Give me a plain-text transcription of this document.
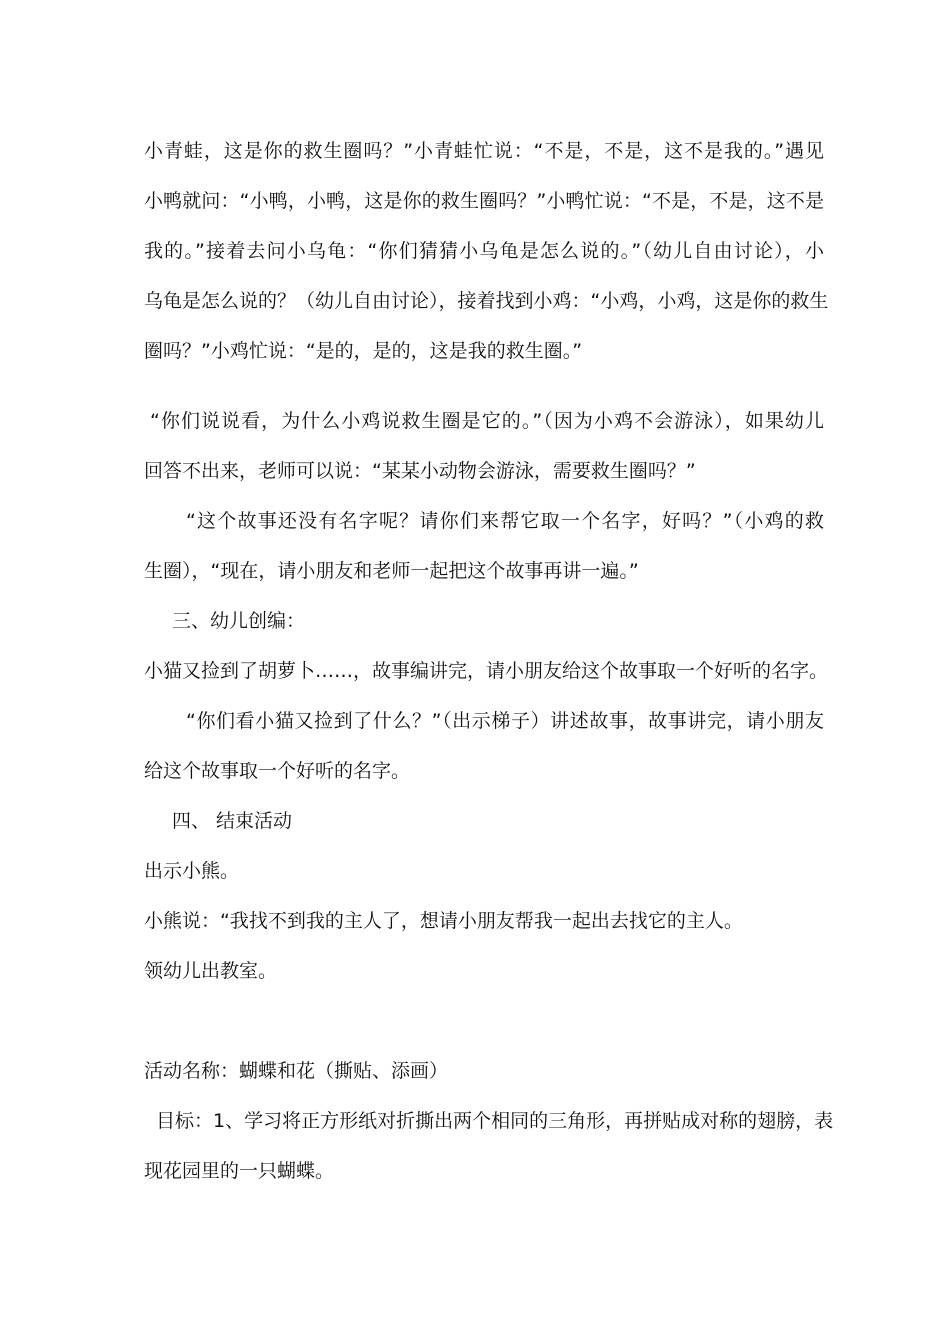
小青蛙，这是你的救生圈吗？”小青蛙忙说：“不是，不是，这不是我的。”遇见
小鸭就问：“小鸭，小鸭，这是你的救生圈吗？”小鸭忙说：“不是，不是，这不是
我的。”接着去问小乌龟：“你们猜猜小乌龟是怎么说的。”（幼儿自由讨论），小
乌龟是怎么说的？（幼儿自由讨论），接着找到小鸡：“小鸡，小鸡，这是你的救生
圈吗？”小鸡忙说：“是的，是的，这是我的救生圈。”
“你们说说看，为什么小鸡说救生圈是它的。”（因为小鸡不会游泳），如果幼儿
回答不出来，老师可以说：“某某小动物会游泳，需要救生圈吗？”
“这个故事还没有名字呢？请你们来帮它取一个名字，好吗？”（小鸡的救
生圈），“现在，请小朋友和老师一起把这个故事再讲一遍。”
三、幼儿创编：
小猫又捡到了胡萝卜……，故事编讲完，请小朋友给这个故事取一个好听的名字。
“你们看小猫又捡到了什么？”（出示梯子）讲述故事，故事讲完，请小朋友
给这个故事取一个好听的名字。
四、 结束活动
出示小熊。
小熊说：“我找不到我的主人了，想请小朋友帮我一起出去找它的主人。
领幼儿出教室。
活动名称：蝴蝶和花（撕贴、添画）
目标：1、学习将正方形纸对折撕出两个相同的三角形，再拼贴成对称的翅膀，表
现花园里的一只蝴蝶。
